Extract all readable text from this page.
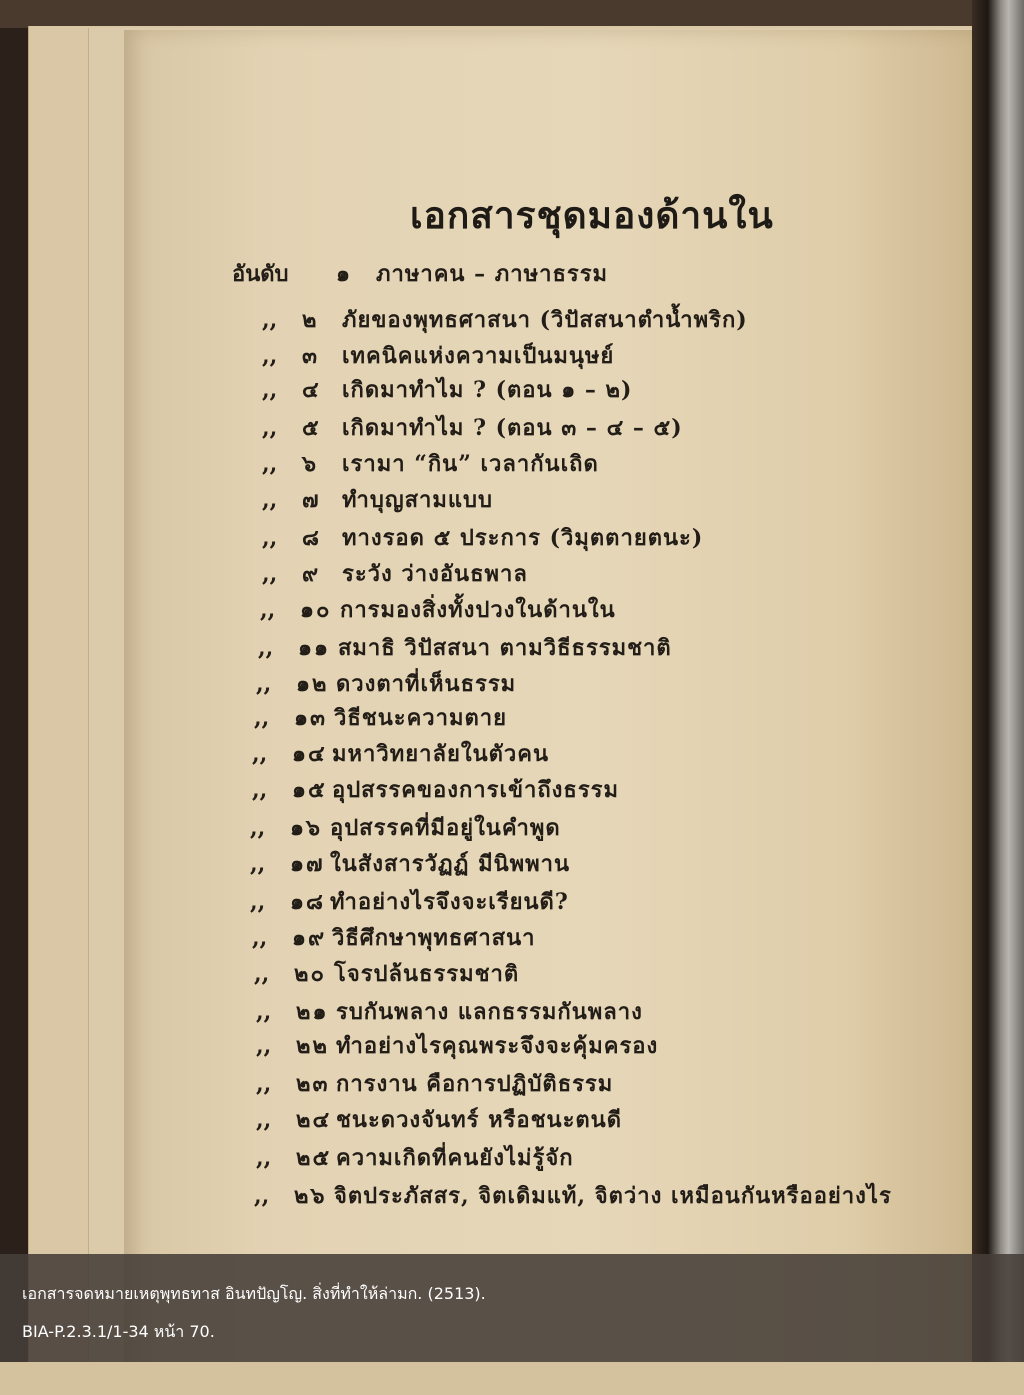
เอกสารชุดมองด้านใน
อันดับ ๑ ภาษาคน – ภาษาธรรม
,, ๒ ภัยของพุทธศาสนา (วิปัสสนาตำน้ำพริก)
,, ๓ เทคนิคแห่งความเป็นมนุษย์
,, ๔ เกิดมาทำไม ? (ตอน ๑ – ๒)
,, ๕ เกิดมาทำไม ? (ตอน ๓ – ๔ – ๕)
,, ๖ เรามา “กิน” เวลากันเถิด
,, ๗ ทำบุญสามแบบ
,, ๘ ทางรอด ๕ ประการ (วิมุตตายตนะ)
,, ๙ ระวัง ว่างอันธพาล
,, ๑๐ การมองสิ่งทั้งปวงในด้านใน
,, ๑๑ สมาธิ วิปัสสนา ตามวิธีธรรมชาติ
,, ๑๒ ดวงตาที่เห็นธรรม
,, ๑๓ วิธีชนะความตาย
,, ๑๔ มหาวิทยาลัยในตัวคน
,, ๑๕ อุปสรรคของการเข้าถึงธรรม
,, ๑๖ อุปสรรคที่มีอยู่ในคำพูด
,, ๑๗ ในสังสารวัฏฏ์ มีนิพพาน
,, ๑๘ ทำอย่างไรจึงจะเรียนดี?
,, ๑๙ วิธีศึกษาพุทธศาสนา
,, ๒๐ โจรปล้นธรรมชาติ
,, ๒๑ รบกันพลาง แลกธรรมกันพลาง
,, ๒๒ ทำอย่างไรคุณพระจึงจะคุ้มครอง
,, ๒๓ การงาน คือการปฏิบัติธรรม
,, ๒๔ ชนะดวงจันทร์ หรือชนะตนดี
,, ๒๕ ความเกิดที่คนยังไม่รู้จัก
,, ๒๖ จิตประภัสสร, จิตเดิมแท้, จิตว่าง เหมือนกันหรืออย่างไร
เอกสารจดหมายเหตุพุทธทาส อินทปัญโญ. สิ่งที่ทำให้ล่ามก. (2513).
BIA-P.2.3.1/1-34 หน้า 70.
